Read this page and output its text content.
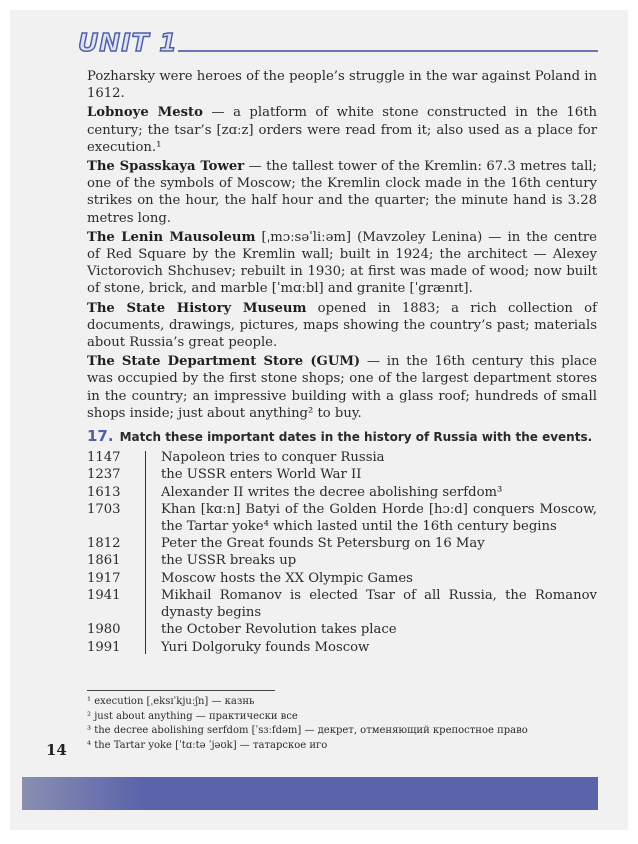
UNIT 1

Pozharsky were heroes of the people’s struggle in the war against Poland in 1612.

Lobnoye Mesto — a platform of white stone constructed in the 16th century; the tsar’s [zɑːz] orders were read from it; also used as a place for execution.¹

The Spasskaya Tower — the tallest tower of the Kremlin: 67.3 metres tall; one of the symbols of Moscow; the Kremlin clock made in the 16th century strikes on the hour, the half hour and the quarter; the minute hand is 3.28 metres long.

The Lenin Mausoleum [ˌmɔːsəˈliːəm] (Mavzoley Lenina) — in the centre of Red Square by the Kremlin wall; built in 1924; the architect — Alexey Victorovich Shchusev; rebuilt in 1930; at first was made of wood; now built of stone, brick, and marble [ˈmɑːbl] and granite [ˈgrænɪt].

The State History Museum opened in 1883; a rich collection of documents, drawings, pictures, maps showing the country’s past; materials about Russia’s great people.

The State Department Store (GUM) — in the 16th century this place was occupied by the first stone shops; one of the largest department stores in the country; an impressive building with a glass roof; hundreds of small shops inside; just about anything² to buy.

17. Match these important dates in the history of Russia with the events.
1147	Napoleon tries to conquer Russia
1237	the USSR enters World War II
1613	Alexander II writes the decree abolishing serfdom³
1703	Khan [kɑːn] Batyi of the Golden Horde [hɔːd] conquers Moscow, the Tartar yoke⁴ which lasted until the 16th century begins
1812	Peter the Great founds St Petersburg on 16 May
1861	the USSR breaks up
1917	Moscow hosts the XX Olympic Games
1941	Mikhail Romanov is elected Tsar of all Russia, the Romanov dynasty begins
1980	the October Revolution takes place
1991	Yuri Dolgoruky founds Moscow
¹ execution [ˌeksɪˈkjuːʃn] — казнь
² just about anything — практически все
³ the decree abolishing serfdom [ˈsɜːfdəm] — декрет, отменяющий крепостное право
⁴ the Tartar yoke [ˈtɑːtə ˈjəʊk] — татарское иго
14
